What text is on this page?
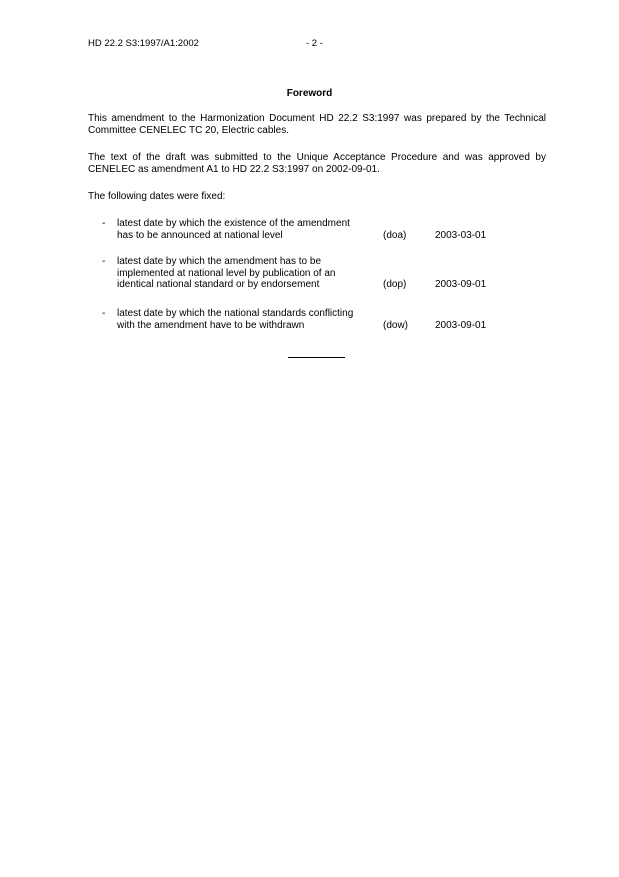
HD 22.2 S3:1997/A1:2002	- 2 -
Foreword
This amendment to the Harmonization Document HD 22.2 S3:1997 was prepared by the Technical Committee CENELEC TC 20, Electric cables.
The text of the draft was submitted to the Unique Acceptance Procedure and was approved by CENELEC as amendment A1 to HD 22.2 S3:1997 on 2002-09-01.
The following dates were fixed:
- latest date by which the existence of the amendment
has to be announced at national level	(doa)	2003-03-01
- latest date by which the amendment has to be
implemented at national level by publication of an
identical national standard or by endorsement	(dop)	2003-09-01
- latest date by which the national standards conflicting
with the amendment have to be withdrawn	(dow)	2003-09-01
